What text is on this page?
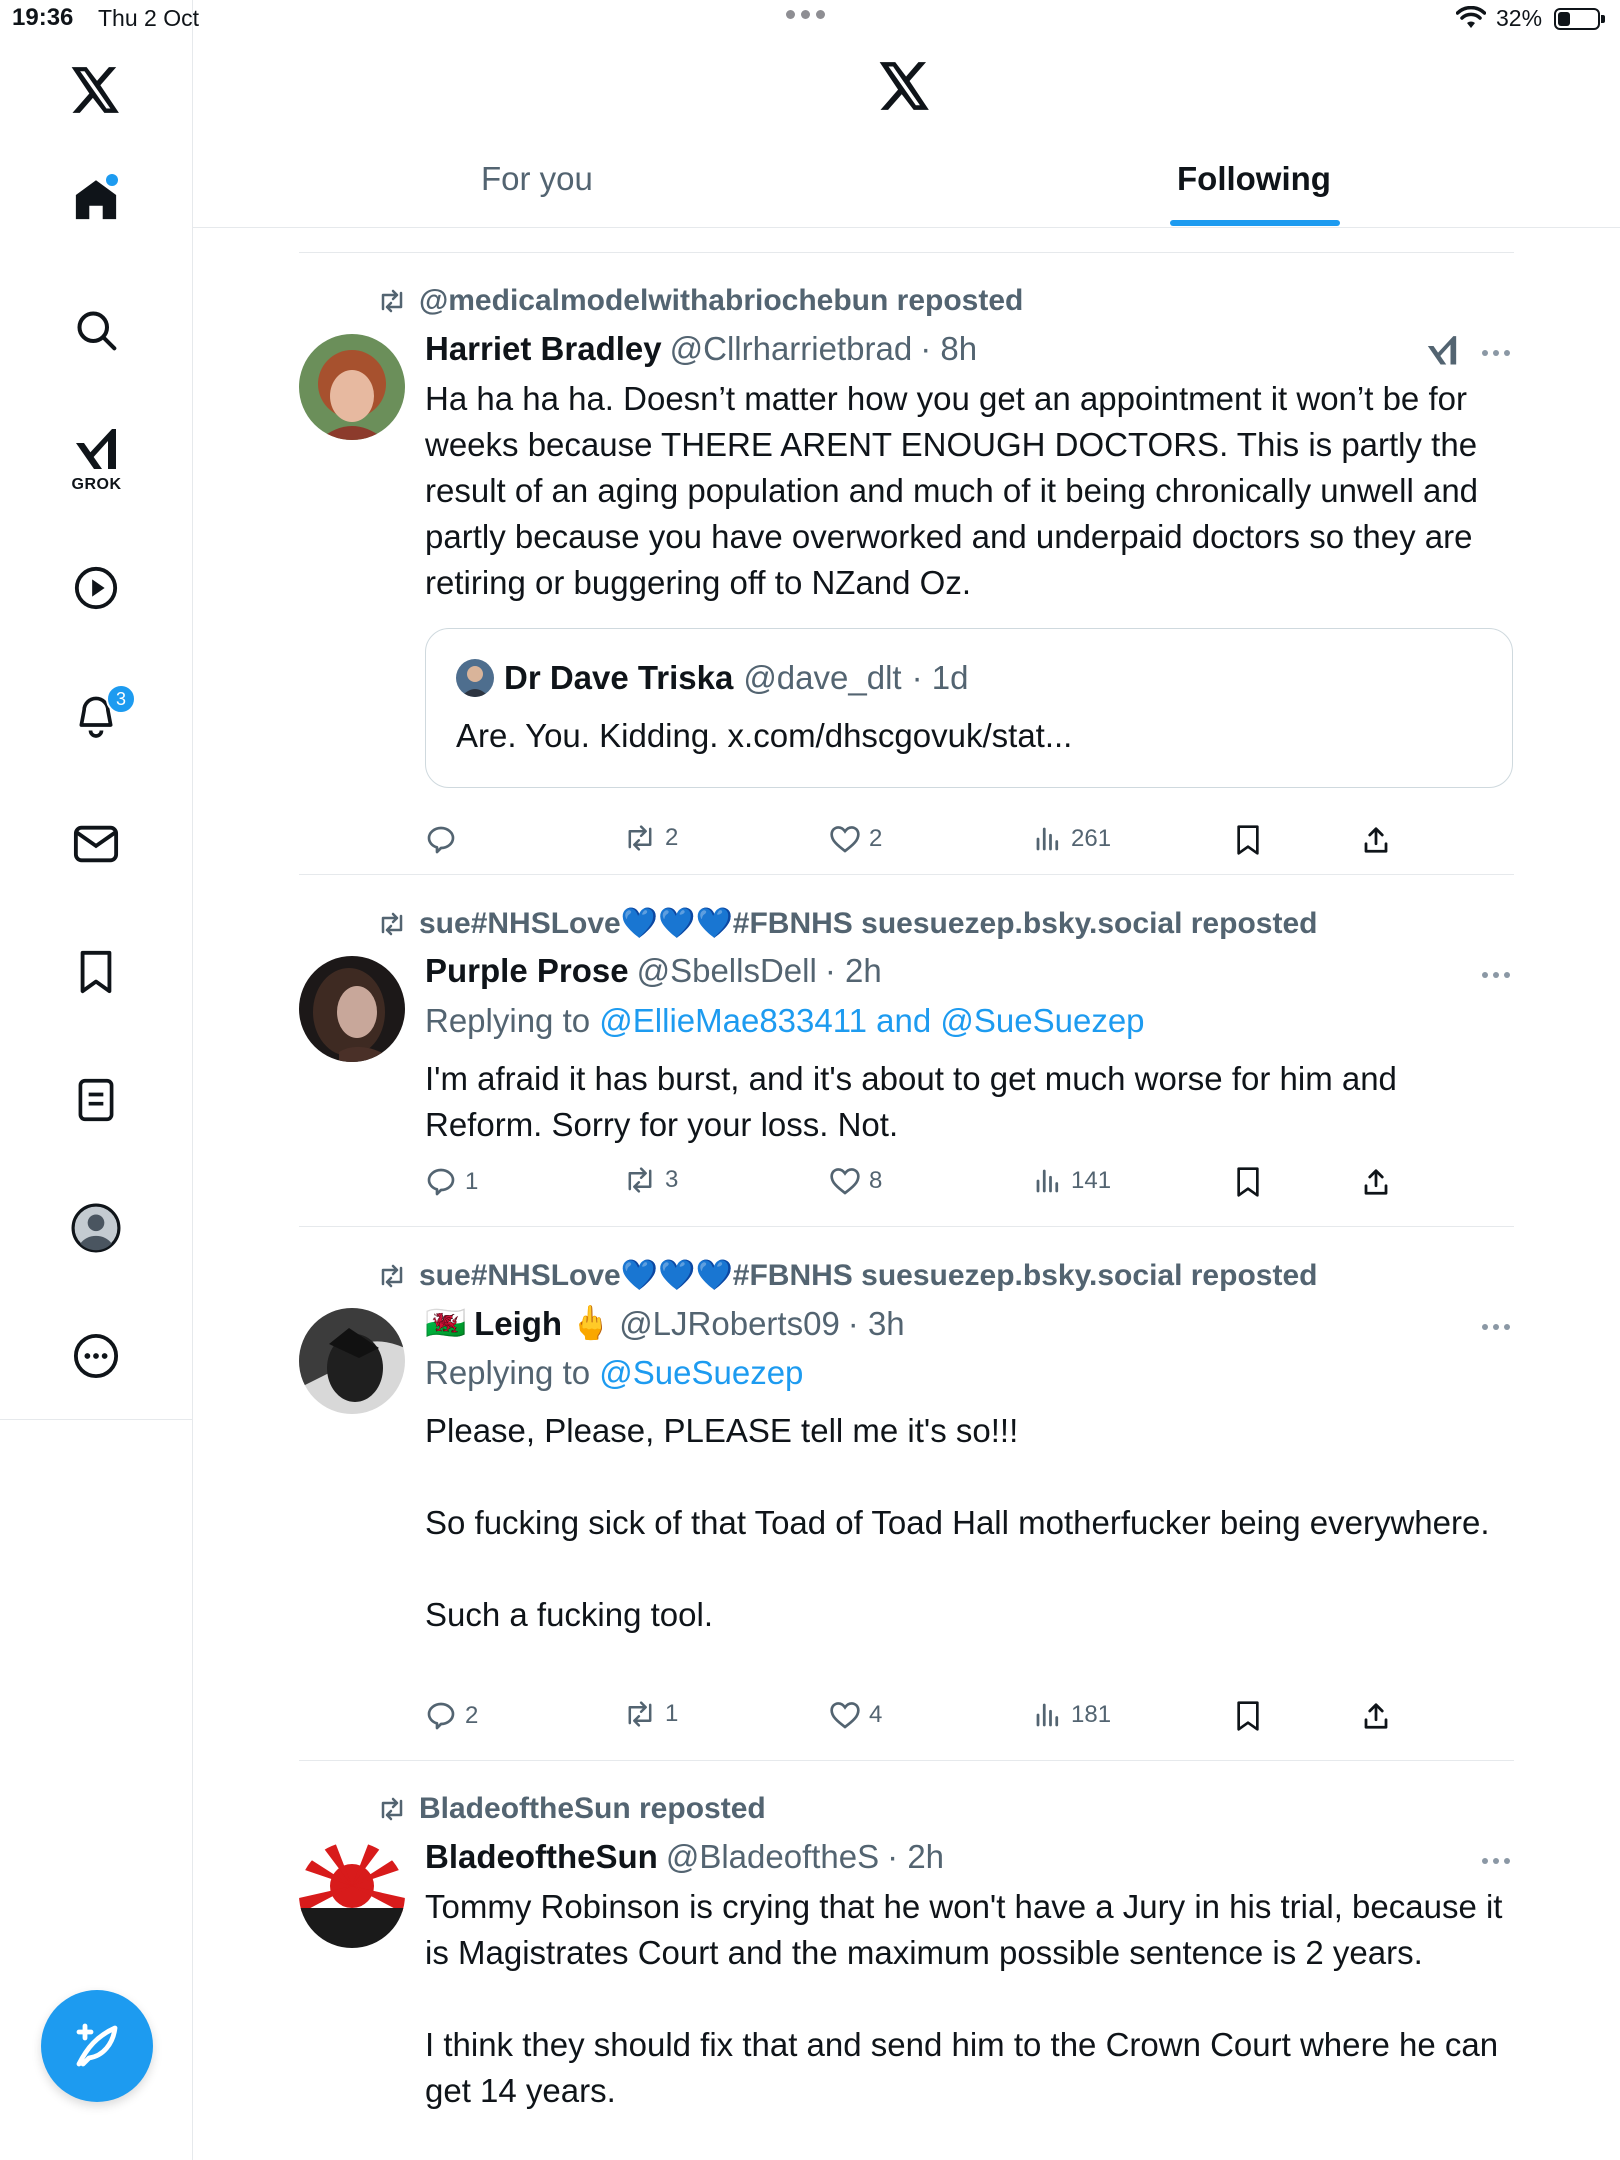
19:36 Thu 2 Oct	32%
GROK
3
For you	Following
@medicalmodelwithabriochebun reposted
Harriet Bradley @Cllrharrietbrad · 8h
Ha ha ha ha. Doesn’t matter how you get an appointment it won’t be for weeks because THERE ARENT ENOUGH DOCTORS. This is partly the result of an aging population and much of it being chronically unwell and partly because you have overworked and underpaid doctors so they are retiring or buggering off to NZand Oz.
Dr Dave Triska @dave_dlt · 1d
Are. You. Kidding. x.com/dhscgovuk/stat...
2	2	261
sue#NHSLove💙💙💙#FBNHS suesuezep.bsky.social reposted
Purple Prose @SbellsDell · 2h
Replying to @EllieMae833411 and @SueSuezep
I'm afraid it has burst, and it's about to get much worse for him and Reform. Sorry for your loss. Not.
1	3	8	141
sue#NHSLove💙💙💙#FBNHS suesuezep.bsky.social reposted
🏴󠁧󠁢󠁷󠁬󠁳󠁿 Leigh 🖕 @LJRoberts09 · 3h
Replying to @SueSuezep
Please, Please, PLEASE tell me it's so!!!

So fucking sick of that Toad of Toad Hall motherfucker being everywhere.

Such a fucking tool.
2	1	4	181
BladeoftheSun reposted
BladeoftheSun @BladeoftheS · 2h
Tommy Robinson is crying that he won't have a Jury in his trial, because it is Magistrates Court and the maximum possible sentence is 2 years.

I think they should fix that and send him to the Crown Court where he can get 14 years.
